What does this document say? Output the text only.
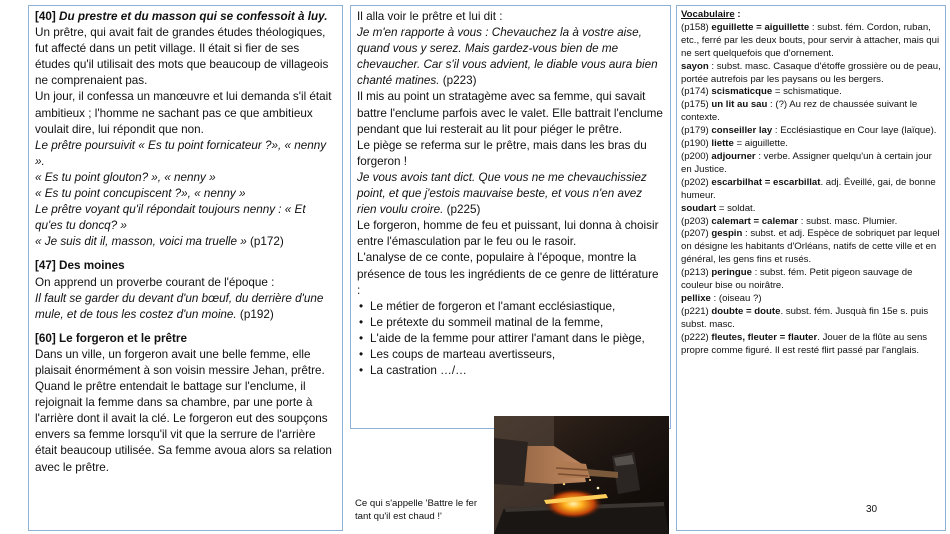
[40] Du prestre et du masson qui se confessoit à luy.
Un prêtre, qui avait fait de grandes études théologiques, fut affecté dans un petit village. Il était si fier de ses études qu'il utilisait des mots que beaucoup de villageois ne comprenaient pas.
Un jour, il confessa un manœuvre et lui demanda s'il était ambitieux ; l'homme ne sachant pas ce que ambitieux voulait dire, lui répondit que non.
Le prêtre poursuivit « Es tu point fornicateur ?», « nenny ».
« Es tu point glouton? », « nenny »
« Es tu point concupiscent ?», « nenny »
Le prêtre voyant qu'il répondait toujours nenny : « Et qu'es tu doncq? »
« Je suis dit il, masson, voici ma truelle » (p172)
[47] Des moines
On apprend un proverbe courant de l'époque :
Il fault se garder du devant d'un bœuf, du derrière d'une mule, et de tous les costez d'un moine. (p192)
[60] Le forgeron et le prêtre
Dans un ville, un forgeron avait une belle femme, elle plaisait énormément à son voisin messire Jehan, prêtre.
Quand le prêtre entendait le battage sur l'enclume, il rejoignait la femme dans sa chambre, par une porte à l'arrière dont il avait la clé. Le forgeron eut des soupçons envers sa femme lorsqu'il vit que la serrure de l'arrière était beaucoup utilisée. Sa femme avoua alors sa relation avec le prêtre.
Il alla voir le prêtre et lui dit :
Je m'en rapporte à vous : Chevauchez la à vostre aise, quand vous y serez. Mais gardez-vous bien de me chevaucher. Car s'il vous advient, le diable vous aura bien chanté matines. (p223)
Il mis au point un stratagème avec sa femme, qui savait battre l'enclume parfois avec le valet. Elle battrait l'enclume pendant que lui resterait au lit pour piéger le prêtre.
Le piège se referma sur le prêtre, mais dans les bras du forgeron !
Je vous avois tant dict. Que vous ne me chevauchissiez point, et que j'estois mauvaise beste, et vous n'en avez rien voulu croire. (p225)
Le forgeron, homme de feu et puissant, lui donna à choisir entre l'émasculation par le feu ou le rasoir.
L'analyse de ce conte, populaire à l'époque, montre la présence de tous les ingrédients de ce genre de littérature :
• Le métier de forgeron et l'amant ecclésiastique,
• Le prétexte du sommeil matinal de la femme,
• L'aide de la femme pour attirer l'amant dans le piège,
• Les coups de marteau avertisseurs,
• La castration …/…
Vocabulaire :
(p158) eguillette = aiguillette : subst. fém. Cordon, ruban, etc., ferré par les deux bouts, pour servir à attacher, mais qui ne sert quelquefois que d'ornement.
sayon : subst. masc. Casaque d'étoffe grossière ou de peau, portée autrefois par les paysans ou les bergers.
(p174) scismaticque = schismatique.
(p175) un lit au sau : (?) Au rez de chaussée suivant le contexte.
(p179) conseiller lay : Ecclésiastique en Cour laye (laïque).
(p190) liette = aiguillette.
(p200) adjourner : verbe. Assigner quelqu'un à certain jour en Justice.
(p202) escarbilhat = escarbillat. adj. Éveillé, gai, de bonne humeur.
soudart = soldat.
(p203) calemart = calemar : subst. masc. Plumier.
(p207) gespin : subst. et adj. Espèce de sobriquet par lequel on désigne les habitants d'Orléans, natifs de cette ville et en général, les gens fins et rusés.
(p213) peringue : subst. fém. Petit pigeon sauvage de couleur bise ou noirâtre.
pellixe : (oiseau ?)
(p221) doubte = doute. subst. fém. Jusquà fin 15e s. puis subst. masc.
(p222) fleutes, fleuter = flauter. Jouer de la flûte au sens propre comme figuré. Il est resté flirt passé par l'anglais.
Ce qui s'appelle 'Battre le fer tant qu'il est chaud !'
30
